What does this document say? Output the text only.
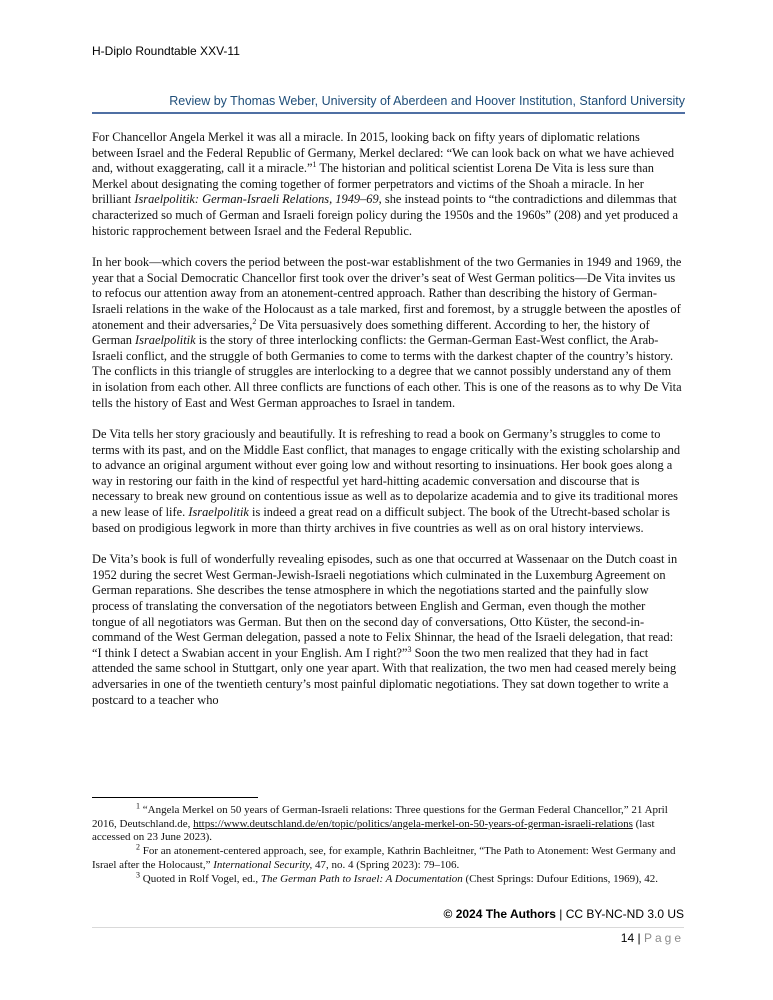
H-Diplo Roundtable XXV-11
Review by Thomas Weber, University of Aberdeen and Hoover Institution, Stanford University

For Chancellor Angela Merkel it was all a miracle. In 2015, looking back on fifty years of diplomatic relations between Israel and the Federal Republic of Germany, Merkel declared: “We can look back on what we have achieved and, without exaggerating, call it a miracle.”$^1$ The historian and political scientist Lorena De Vita is less sure than Merkel about designating the coming together of former perpetrators and victims of the Shoah a miracle. In her brilliant Israelpolitik: German-Israeli Relations, 1949–69, she instead points to “the contradictions and dilemmas that characterized so much of German and Israeli foreign policy during the 1950s and the 1960s” (208) and yet produced a historic rapprochement between Israel and the Federal Republic.

In her book—which covers the period between the post-war establishment of the two Germanies in 1949 and 1969, the year that a Social Democratic Chancellor first took over the driver’s seat of West German politics—De Vita invites us to refocus our attention away from an atonement-centred approach. Rather than describing the history of German-Israeli relations in the wake of the Holocaust as a tale marked, first and foremost, by a struggle between the apostles of atonement and their adversaries,$^2$ De Vita persuasively does something different. According to her, the history of German Israelpolitik is the story of three interlocking conflicts: the German-German East-West conflict, the Arab-Israeli conflict, and the struggle of both Germanies to come to terms with the darkest chapter of the country’s history. The conflicts in this triangle of struggles are interlocking to a degree that we cannot possibly understand any of them in isolation from each other. All three conflicts are functions of each other. This is one of the reasons as to why De Vita tells the history of East and West German approaches to Israel in tandem.

De Vita tells her story graciously and beautifully. It is refreshing to read a book on Germany’s struggles to come to terms with its past, and on the Middle East conflict, that manages to engage critically with the existing scholarship and to advance an original argument without ever going low and without resorting to insinuations. Her book goes along a way in restoring our faith in the kind of respectful yet hard-hitting academic conversation and discourse that is necessary to break new ground on contentious issue as well as to depolarize academia and to give its traditional mores a new lease of life. Israelpolitik is indeed a great read on a difficult subject. The book of the Utrecht-based scholar is based on prodigious legwork in more than thirty archives in five countries as well as on oral history interviews.

De Vita’s book is full of wonderfully revealing episodes, such as one that occurred at Wassenaar on the Dutch coast in 1952 during the secret West German-Jewish-Israeli negotiations which culminated in the Luxemburg Agreement on German reparations. She describes the tense atmosphere in which the negotiations started and the painfully slow process of translating the conversation of the negotiators between English and German, even though the mother tongue of all negotiators was German. But then on the second day of conversations, Otto Küster, the second-in-command of the West German delegation, passed a note to Felix Shinnar, the head of the Israeli delegation, that read: “I think I detect a Swabian accent in your English. Am I right?”$^3$ Soon the two men realized that they had in fact attended the same school in Stuttgart, only one year apart. With that realization, the two men had ceased merely being adversaries in one of the twentieth century’s most painful diplomatic negotiations. They sat down together to write a postcard to a teacher who

$^1$ “Angela Merkel on 50 years of German-Israeli relations: Three questions for the German Federal Chancellor,” 21 April 2016, Deutschland.de, https://www.deutschland.de/en/topic/politics/angela-merkel-on-50-years-of-german-israeli-relations (last accessed on 23 June 2023).

$^2$ For an atonement-centered approach, see, for example, Kathrin Bachleitner, “The Path to Atonement: West Germany and Israel after the Holocaust,” International Security, 47, no. 4 (Spring 2023): 79–106.

$^3$ Quoted in Rolf Vogel, ed., The German Path to Israel: A Documentation (Chest Springs: Dufour Editions, 1969), 42.

© 2024 The Authors | CC BY-NC-ND 3.0 US
14 | Page
